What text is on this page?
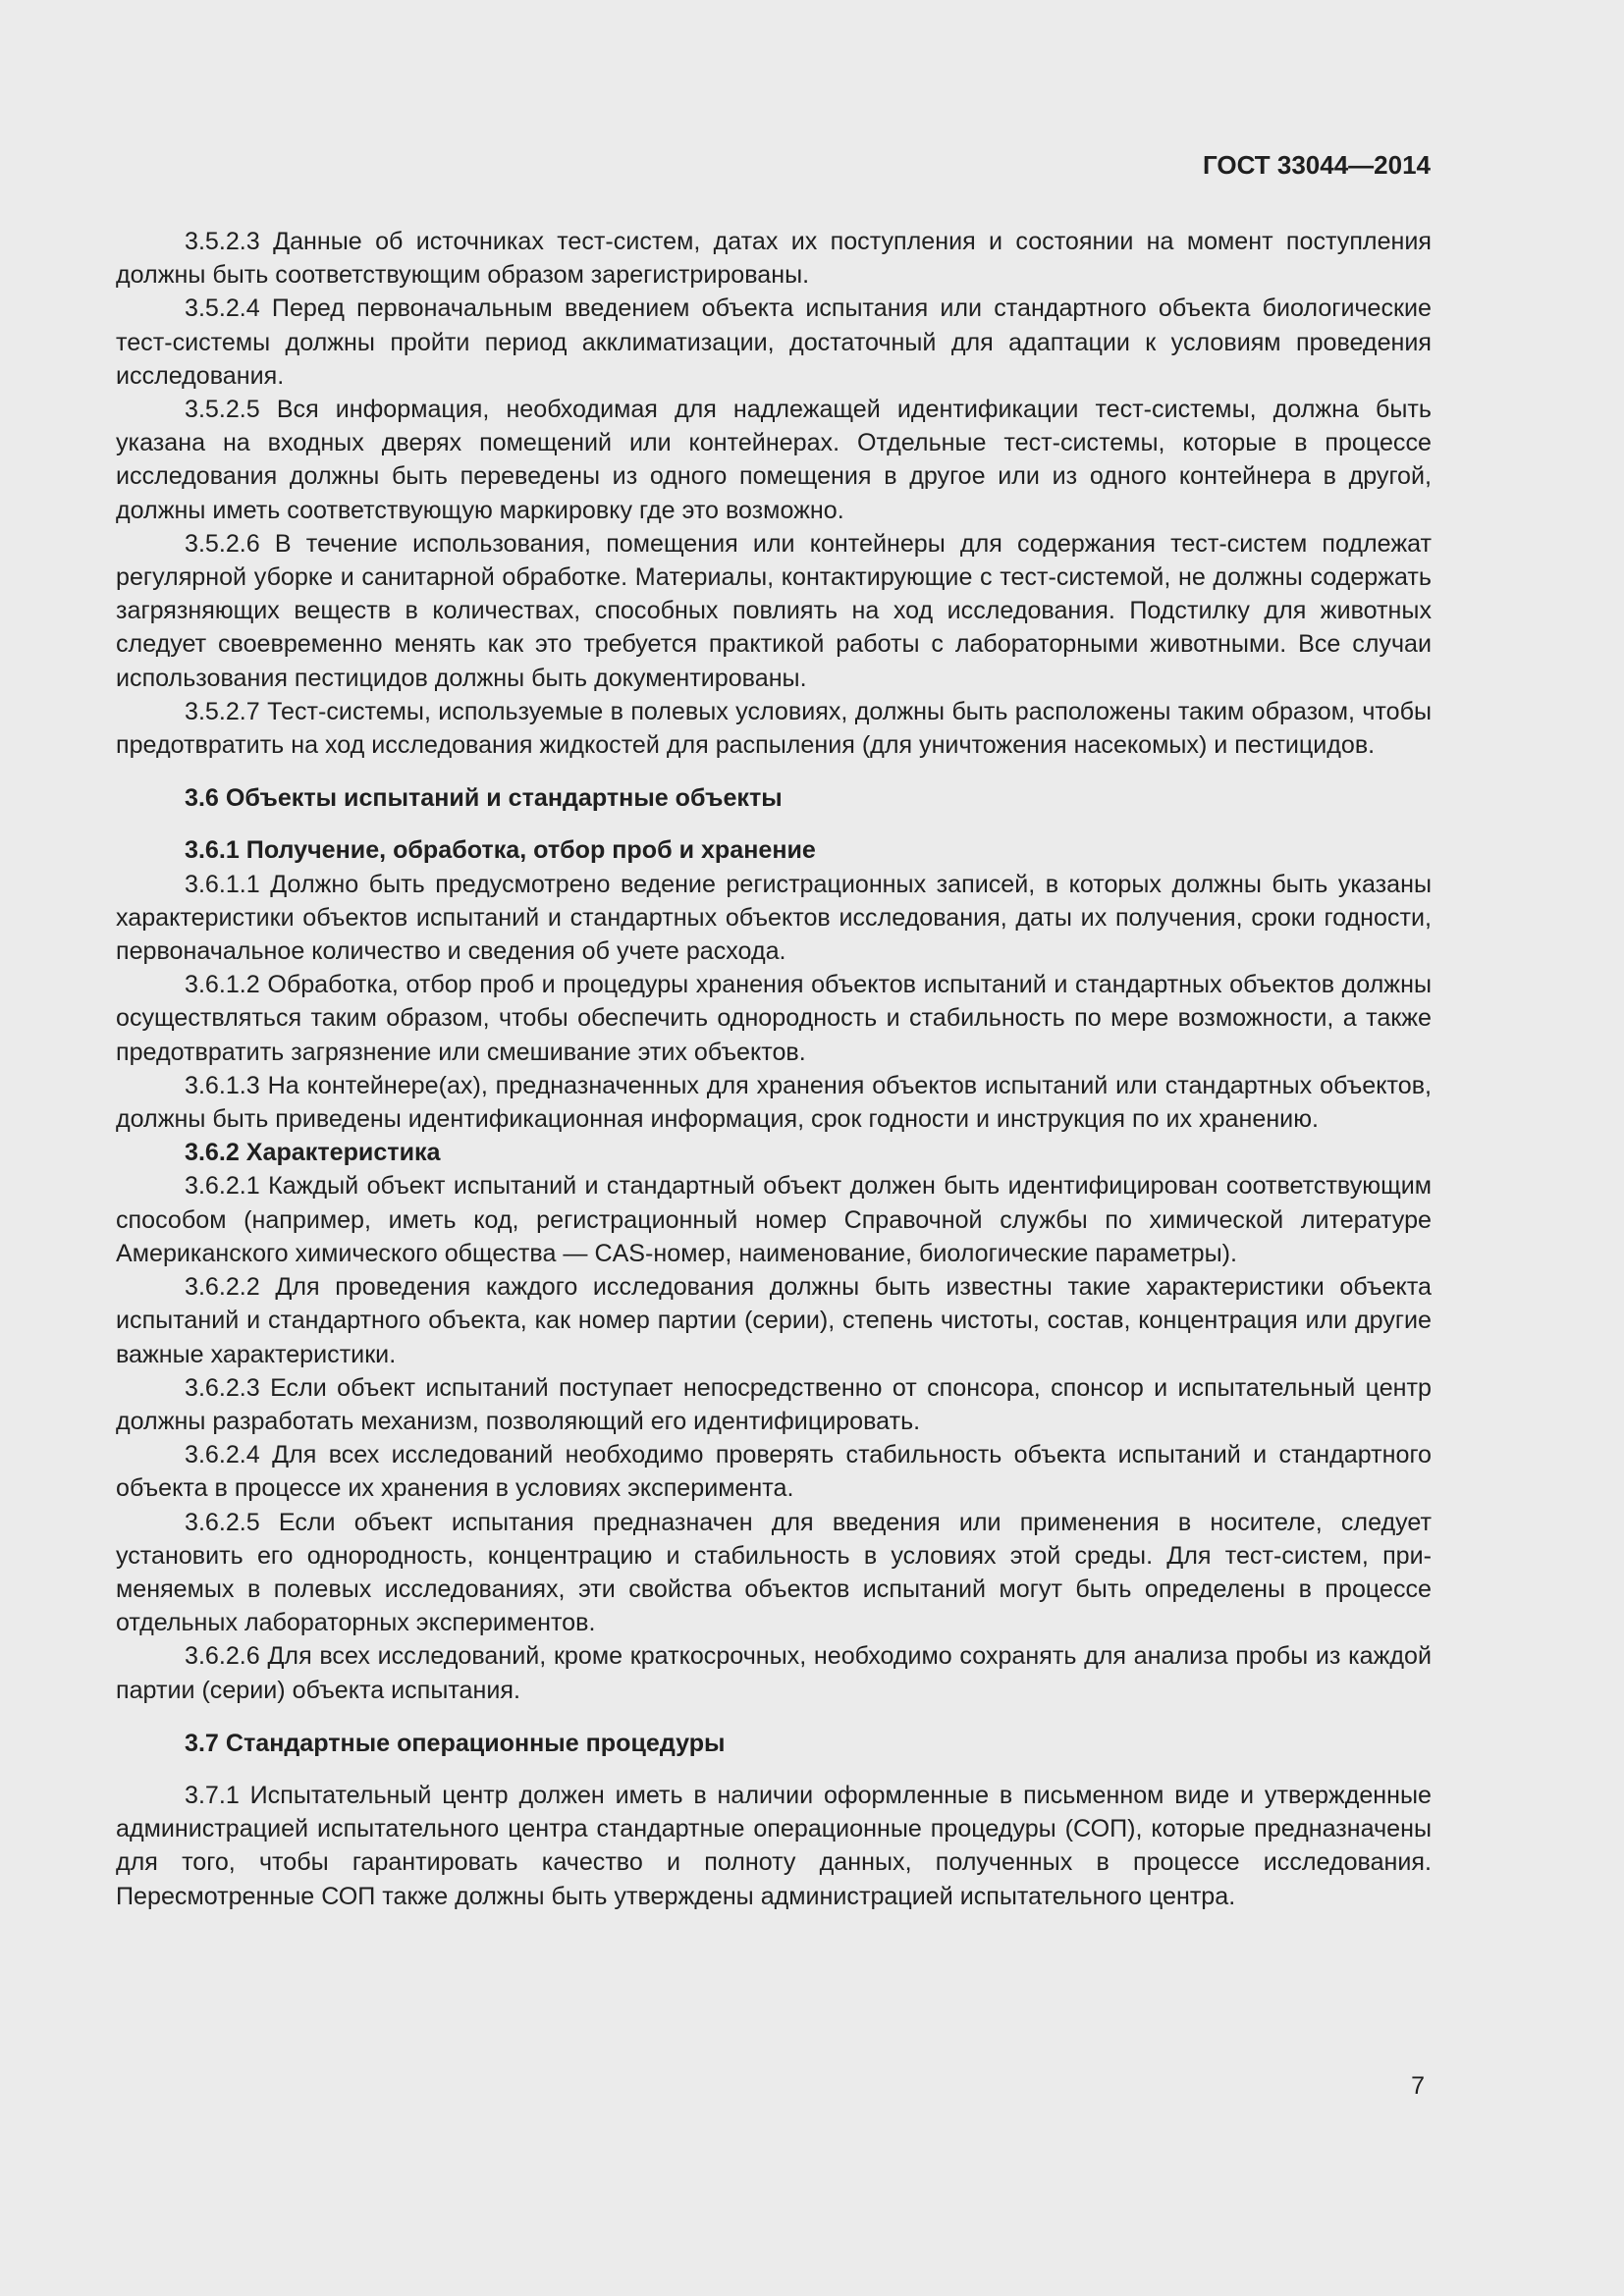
ГОСТ 33044—2014

3.5.2.3 Данные об источниках тест-систем, датах их поступления и состоянии на момент поступления должны быть соответствующим образом зарегистрированы.

3.5.2.4 Перед первоначальным введением объекта испытания или стандартного объекта биологические тест-системы должны пройти период акклиматизации, достаточный для адаптации к условиям проведения исследования.

3.5.2.5 Вся информация, необходимая для надлежащей идентификации тест-системы, должна быть указана на входных дверях помещений или контейнерах. Отдельные тест-системы, которые в процессе исследования должны быть переведены из одного помещения в другое или из одного контейнера в другой, должны иметь соответствующую маркировку где это возможно.

3.5.2.6 В течение использования, помещения или контейнеры для содержания тест-систем подлежат регулярной уборке и санитарной обработке. Материалы, контактирующие с тест-системой, не должны содержать загрязняющих веществ в количествах, способных повлиять на ход исследования. Подстилку для животных следует своевременно менять как это требуется практикой работы с лабораторными животными. Все случаи использования пестицидов должны быть документированы.

3.5.2.7 Тест-системы, используемые в полевых условиях, должны быть расположены таким образом, чтобы предотвратить на ход исследования жидкостей для распыления (для уничтожения насекомых) и пестицидов.

3.6 Объекты испытаний и стандартные объекты
3.6.1 Получение, обработка, отбор проб и хранение

3.6.1.1 Должно быть предусмотрено ведение регистрационных записей, в которых должны быть указаны характеристики объектов испытаний и стандартных объектов исследования, даты их получения, сроки годности, первоначальное количество и сведения об учете расхода.

3.6.1.2 Обработка, отбор проб и процедуры хранения объектов испытаний и стандартных объектов должны осуществляться таким образом, чтобы обеспечить однородность и стабильность по мере возможности, а также предотвратить загрязнение или смешивание этих объектов.

3.6.1.3 На контейнере(ах), предназначенных для хранения объектов испытаний или стандартных объектов, должны быть приведены идентификационная информация, срок годности и инструкция по их хранению.

3.6.2 Характеристика

3.6.2.1 Каждый объект испытаний и стандартный объект должен быть идентифицирован соответствующим способом (например, иметь код, регистрационный номер Справочной службы по химической литературе Американского химического общества — CAS-номер, наименование, биологические параметры).

3.6.2.2 Для проведения каждого исследования должны быть известны такие характеристики объекта испытаний и стандартного объекта, как номер партии (серии), степень чистоты, состав, концентрация или другие важные характеристики.

3.6.2.3 Если объект испытаний поступает непосредственно от спонсора, спонсор и испытательный центр должны разработать механизм, позволяющий его идентифицировать.

3.6.2.4 Для всех исследований необходимо проверять стабильность объекта испытаний и стандартного объекта в процессе их хранения в условиях эксперимента.

3.6.2.5 Если объект испытания предназначен для введения или применения в носителе, следует установить его однородность, концентрацию и стабильность в условиях этой среды. Для тест-систем, применяемых в полевых исследованиях, эти свойства объектов испытаний могут быть определены в процессе отдельных лабораторных экспериментов.

3.6.2.6 Для всех исследований, кроме краткосрочных, необходимо сохранять для анализа пробы из каждой партии (серии) объекта испытания.

3.7 Стандартные операционные процедуры

3.7.1 Испытательный центр должен иметь в наличии оформленные в письменном виде и утвержденные администрацией испытательного центра стандартные операционные процедуры (СОП), которые предназначены для того, чтобы гарантировать качество и полноту данных, полученных в процессе исследования. Пересмотренные СОП также должны быть утверждены администрацией испытательного центра.

7
